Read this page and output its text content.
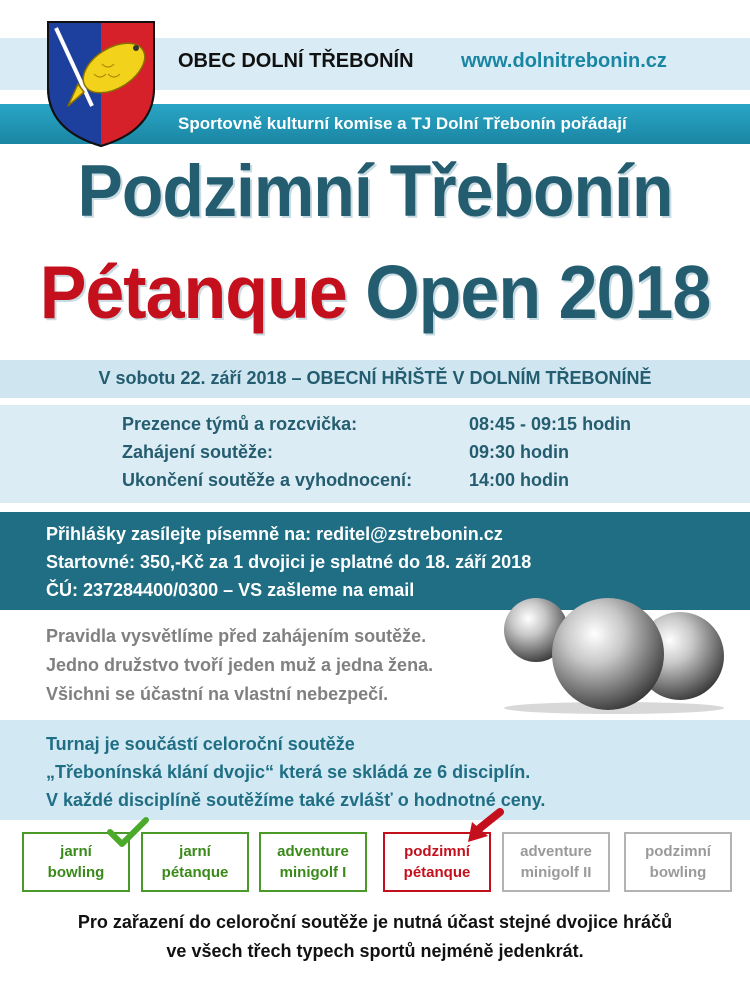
OBEC DOLNÍ TŘEBONÍN www.dolnitrebonin.cz
Sportovně kulturní komise a TJ Dolní Třebonín pořádají
Podzimní Třebonín
Pétanque Open 2018
V sobotu 22. září 2018 – OBECNÍ HŘIŠTĚ V DOLNÍM TŘEBONÍNĚ
Prezence týmů a rozcvička:	08:45 - 09:15 hodin
Zahájení soutěže:	09:30 hodin
Ukončení soutěže a vyhodnocení:	14:00 hodin
Přihlášky zasílejte písemně na: reditel@zstrebonin.cz
Startovné: 350,-Kč za 1 dvojici je splatné do 18. září 2018
ČÚ: 237284400/0300 – VS zašleme na email
Pravidla vysvětlíme před zahájením soutěže.
Jedno družstvo tvoří jeden muž a jedna žena.
Všichni se účastní na vlastní nebezpečí.
Turnaj je součástí celoroční soutěže
„Třebonínská klání dvojic“ která se skládá ze 6 disciplín.
V každé disciplíně soutěžíme také zvlášť o hodnotné ceny.
jarní
bowling
jarní
pétanque
adventure
minigolf I
podzimní
pétanque
adventure
minigolf II
podzimní
bowling
Pro zařazení do celoroční soutěže je nutná účast stejné dvojice hráčů
ve všech třech typech sportů nejméně jedenkrát.
